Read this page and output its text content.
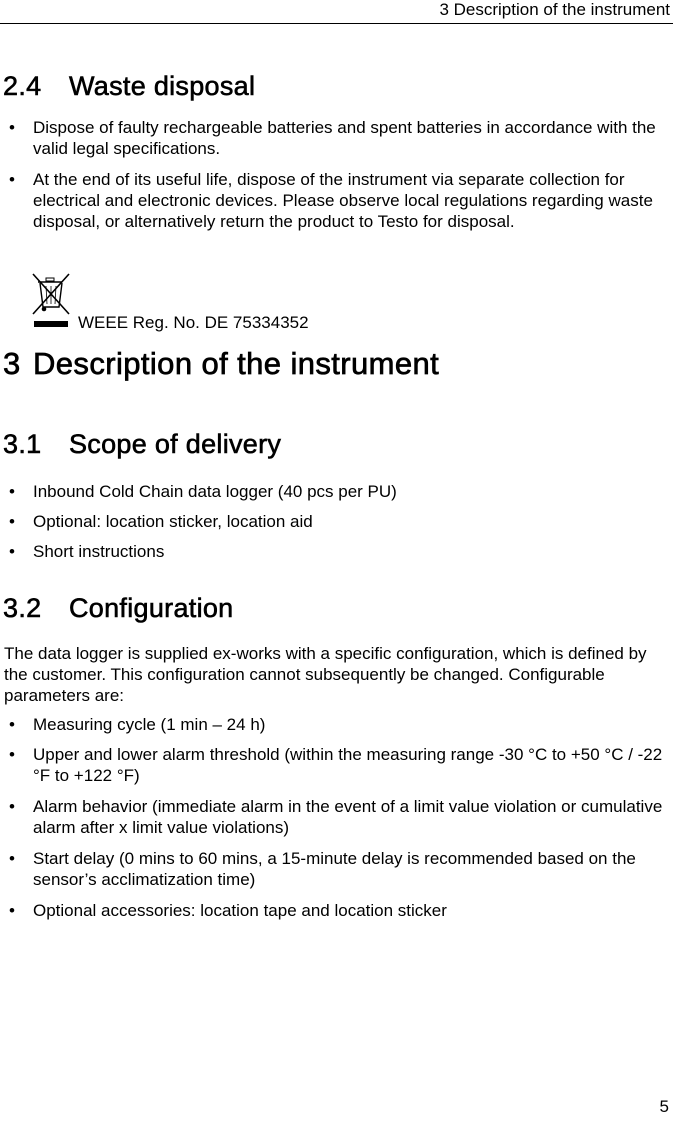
3 Description of the instrument
2.4 Waste disposal
• Dispose of faulty rechargeable batteries and spent batteries in accordance with the valid legal specifications.
• At the end of its useful life, dispose of the instrument via separate collection for electrical and electronic devices. Please observe local regulations regarding waste disposal, or alternatively return the product to Testo for disposal.
WEEE Reg. No. DE 75334352
3 Description of the instrument
3.1 Scope of delivery
• Inbound Cold Chain data logger (40 pcs per PU)
• Optional: location sticker, location aid
• Short instructions
3.2 Configuration

The data logger is supplied ex-works with a specific configuration, which is defined by the customer. This configuration cannot subsequently be changed. Configurable parameters are:

• Measuring cycle (1 min – 24 h)
• Upper and lower alarm threshold (within the measuring range -30 °C to +50 °C / -22 °F to +122 °F)
• Alarm behavior (immediate alarm in the event of a limit value violation or cumulative alarm after x limit value violations)
• Start delay (0 mins to 60 mins, a 15-minute delay is recommended based on the sensor’s acclimatization time)
• Optional accessories: location tape and location sticker
5
